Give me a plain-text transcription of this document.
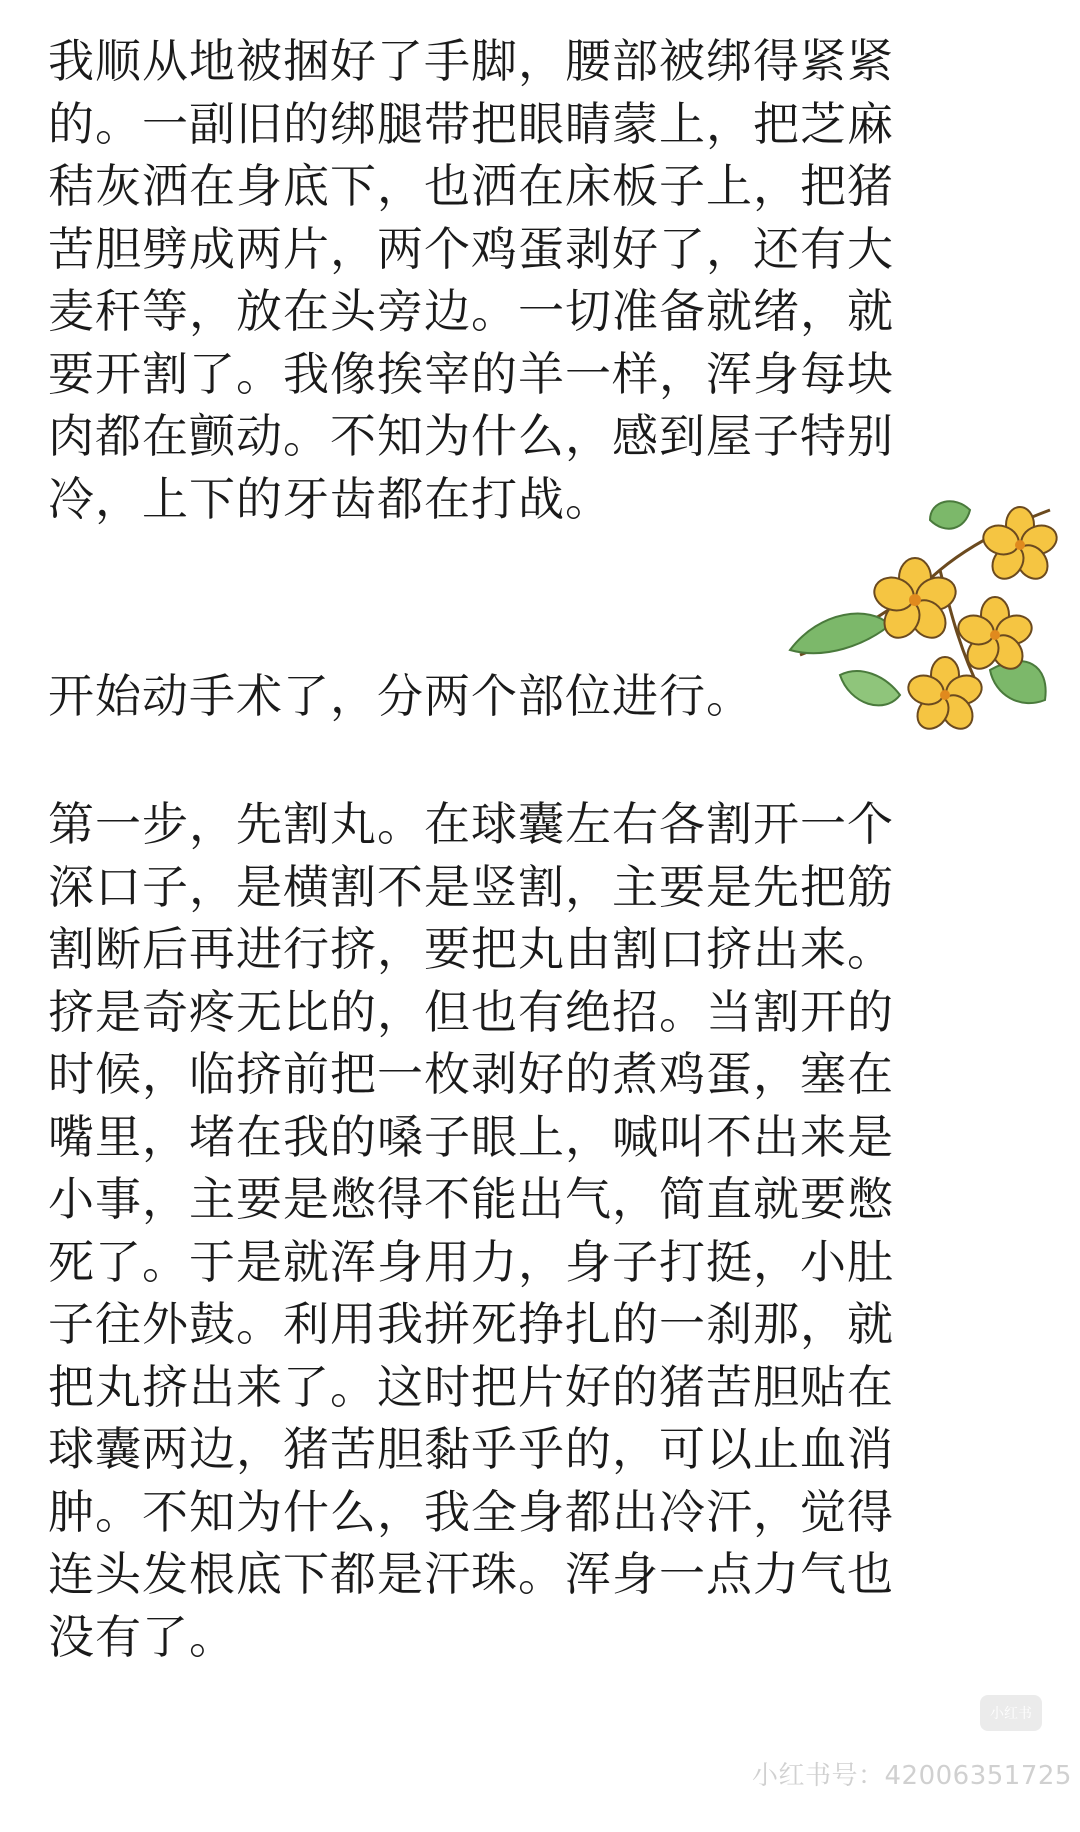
我顺从地被捆好了手脚，腰部被绑得紧紧
的。一副旧的绑腿带把眼睛蒙上，把芝麻
秸灰洒在身底下，也洒在床板子上，把猪
苦胆劈成两片，两个鸡蛋剥好了，还有大
麦秆等，放在头旁边。一切准备就绪，就
要开割了。我像挨宰的羊一样，浑身每块
肉都在颤动。不知为什么，感到屋子特别
冷，上下的牙齿都在打战。
开始动手术了，分两个部位进行。
第一步，先割丸。在球囊左右各割开一个
深口子，是横割不是竖割，主要是先把筋
割断后再进行挤，要把丸由割口挤出来。
挤是奇疼无比的，但也有绝招。当割开的
时候，临挤前把一枚剥好的煮鸡蛋，塞在
嘴里，堵在我的嗓子眼上，喊叫不出来是
小事，主要是憋得不能出气，简直就要憋
死了。于是就浑身用力，身子打挺，小肚
子往外鼓。利用我拼死挣扎的一刹那，就
把丸挤出来了。这时把片好的猪苦胆贴在
球囊两边，猪苦胆黏乎乎的，可以止血消
肿。不知为什么，我全身都出冷汗，觉得
连头发根底下都是汗珠。浑身一点力气也
没有了。
小红书
小红书号：4200635172​5
